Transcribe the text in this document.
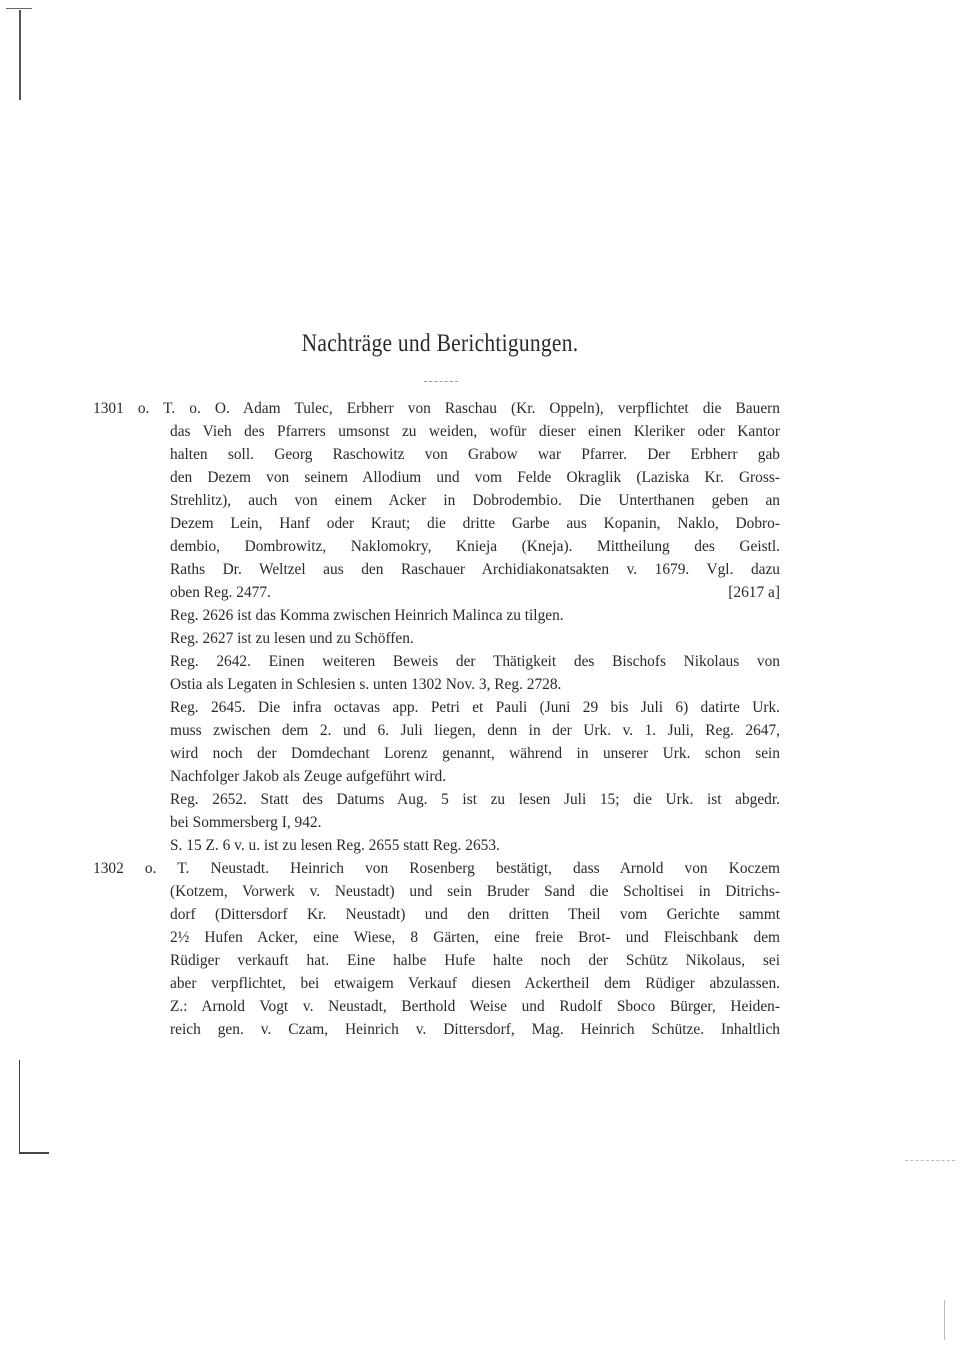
Nachträge und Berichtigungen.
1301 o. T. o. O. Adam Tulec, Erbherr von Raschau (Kr. Oppeln), verpflichtet die Bauern
das Vieh des Pfarrers umsonst zu weiden, wofür dieser einen Kleriker oder Kantor
halten soll. Georg Raschowitz von Grabow war Pfarrer. Der Erbherr gab
den Dezem von seinem Allodium und vom Felde Okraglik (Laziska Kr. Gross-
Strehlitz), auch von einem Acker in Dobrodembio. Die Unterthanen geben an
Dezem Lein, Hanf oder Kraut; die dritte Garbe aus Kopanin, Naklo, Dobro-
dembio, Dombrowitz, Naklomokry, Knieja (Kneja). Mittheilung des Geistl.
Raths Dr. Weltzel aus den Raschauer Archidiakonatsakten v. 1679. Vgl. dazu
oben Reg. 2477.	[2617 a]
Reg. 2626 ist das Komma zwischen Heinrich Malinca zu tilgen.
Reg. 2627 ist zu lesen und zu Schöffen.
Reg. 2642. Einen weiteren Beweis der Thätigkeit des Bischofs Nikolaus von
Ostia als Legaten in Schlesien s. unten 1302 Nov. 3, Reg. 2728.
Reg. 2645. Die infra octavas app. Petri et Pauli (Juni 29 bis Juli 6) datirte Urk.
muss zwischen dem 2. und 6. Juli liegen, denn in der Urk. v. 1. Juli, Reg. 2647,
wird noch der Domdechant Lorenz genannt, während in unserer Urk. schon sein
Nachfolger Jakob als Zeuge aufgeführt wird.
Reg. 2652. Statt des Datums Aug. 5 ist zu lesen Juli 15; die Urk. ist abgedr.
bei Sommersberg I, 942.
S. 15 Z. 6 v. u. ist zu lesen Reg. 2655 statt Reg. 2653.
1302 o. T. Neustadt. Heinrich von Rosenberg bestätigt, dass Arnold von Koczem
(Kotzem, Vorwerk v. Neustadt) und sein Bruder Sand die Scholtisei in Ditrichs-
dorf (Dittersdorf Kr. Neustadt) und den dritten Theil vom Gerichte sammt
2½ Hufen Acker, eine Wiese, 8 Gärten, eine freie Brot- und Fleischbank dem
Rüdiger verkauft hat. Eine halbe Hufe halte noch der Schütz Nikolaus, sei
aber verpflichtet, bei etwaigem Verkauf diesen Ackertheil dem Rüdiger abzulassen.
Z.: Arnold Vogt v. Neustadt, Berthold Weise und Rudolf Sboco Bürger, Heiden-
reich gen. v. Czam, Heinrich v. Dittersdorf, Mag. Heinrich Schütze. Inhaltlich
